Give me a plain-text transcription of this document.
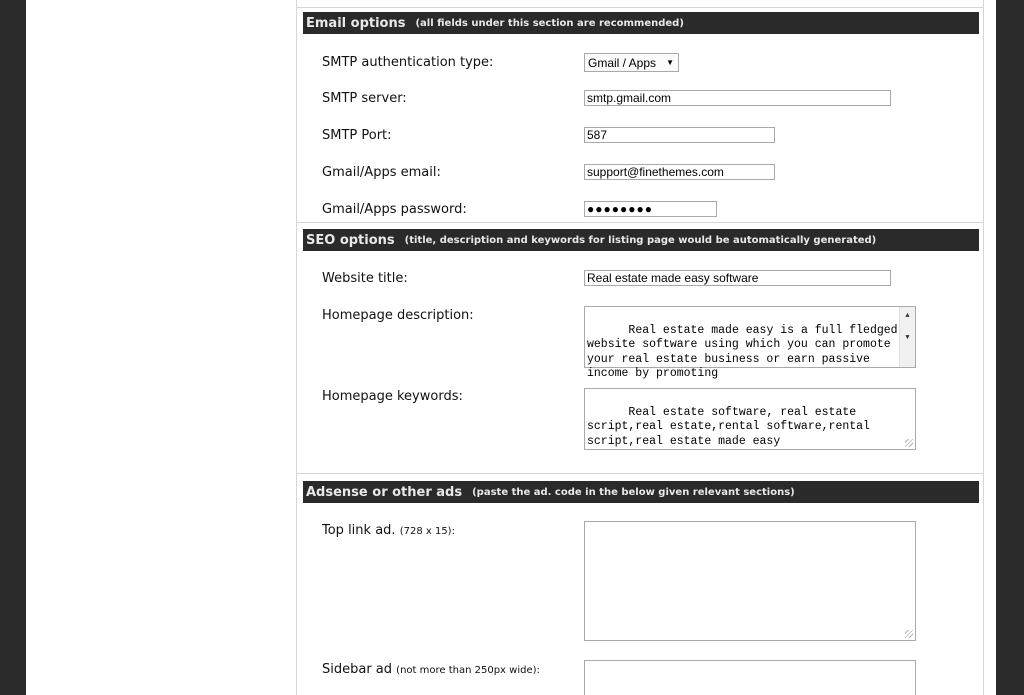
Email options (all fields under this section are recommended)
SMTP authentication type:	Gmail / Apps ▼
SMTP server:	smtp.gmail.com
SMTP Port:	587
Gmail/Apps email:	support@finethemes.com
Gmail/Apps password:	●●●●●●●●
SEO options (title, description and keywords for listing page would be automatically generated)
Website title:	Real estate made easy software
Homepage description:

Real estate made easy is a full fledged website software using which you can promote your real estate business or earn passive income by promoting

▲

▼

Homepage keywords:

Real estate software, real estate script,real estate,rental software,rental script,real estate made easy

Adsense or other ads (paste the ad. code in the below given relevant sections)
Top link ad. (728 x 15):

Sidebar ad (not more than 250px wide):
